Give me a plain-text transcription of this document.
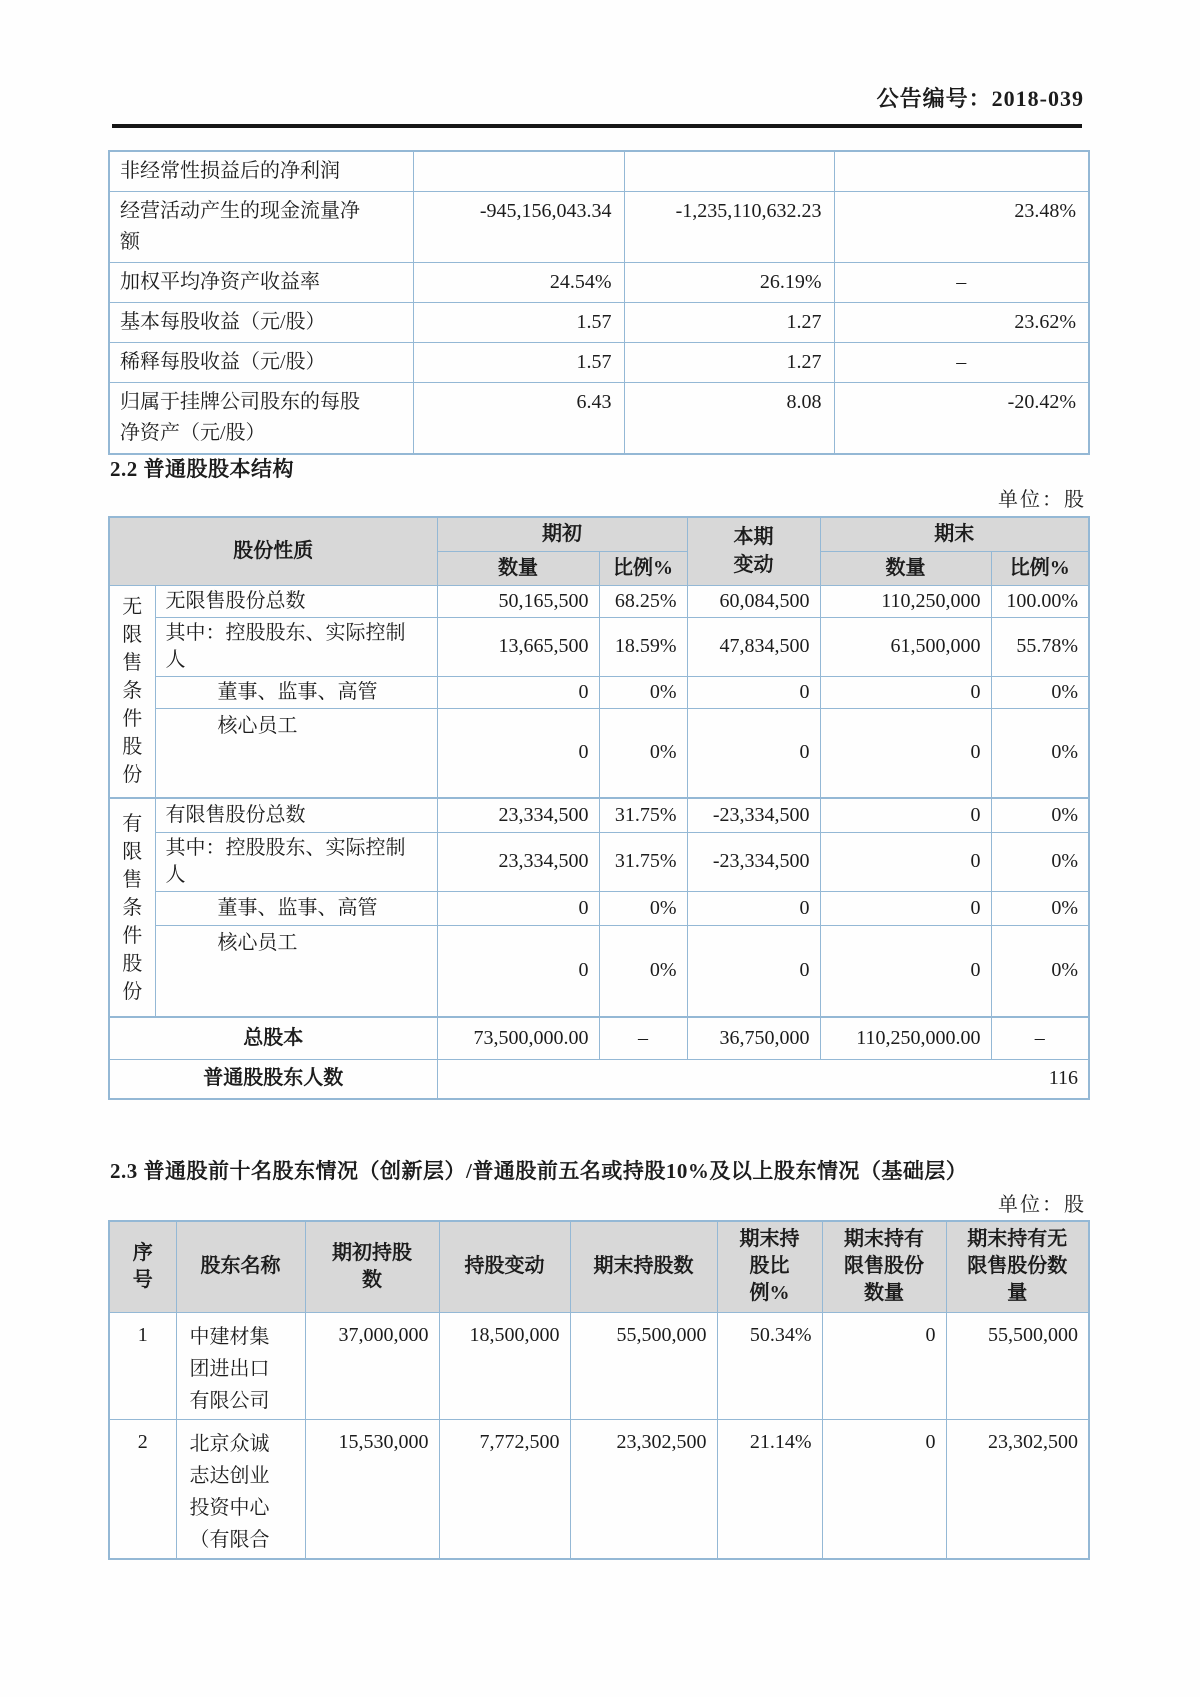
公告编号：2018-039
非经常性损益后的净利润			
经营活动产生的现金流量净额	-945,156,043.34	-1,235,110,632.23	23.48%
加权平均净资产收益率	24.54%	26.19%	–
基本每股收益（元/股）	1.57	1.27	23.62%
稀释每股收益（元/股）	1.57	1.27	–
归属于挂牌公司股东的每股净资产（元/股）	6.43	8.08	-20.42%
2.2 普通股股本结构
单位：股
股份性质		期初		本期变动	期末	
		数量	比例%		数量	比例%
无限售条件股份	无限售股份总数	50,165,500	68.25%	60,084,500	110,250,000	100.00%
	其中：控股股东、实际控制人	13,665,500	18.59%	47,834,500	61,500,000	55.78%
	董事、监事、高管	0	0%	0	0	0%
	核心员工	0	0%	0	0	0%
有限售条件股份	有限售股份总数	23,334,500	31.75%	-23,334,500	0	0%
	其中：控股股东、实际控制人	23,334,500	31.75%	-23,334,500	0	0%
	董事、监事、高管	0	0%	0	0	0%
	核心员工	0	0%	0	0	0%
总股本		73,500,000.00	–	36,750,000	110,250,000.00	–
普通股股东人数		116				
2.3 普通股前十名股东情况（创新层）/普通股前五名或持股10%及以上股东情况（基础层）
单位：股
序号	股东名称	期初持股数	持股变动	期末持股数	期末持股比例%	期末持有限售股份数量	期末持有无限售股份数量
1	中建材集团进出口有限公司	37,000,000	18,500,000	55,500,000	50.34%	0	55,500,000
2	北京众诚志达创业投资中心（有限合	15,530,000	7,772,500	23,302,500	21.14%	0	23,302,500
